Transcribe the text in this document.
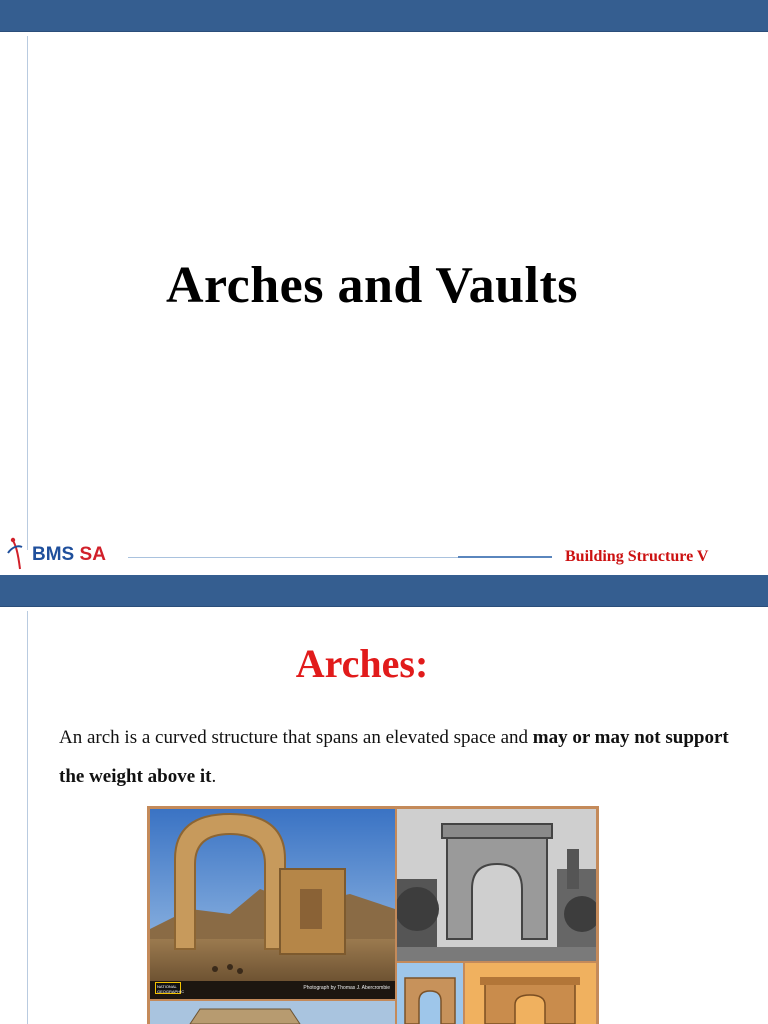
Arches and Vaults
BMS SA	Building Structure V
Arches:
An arch is a curved structure that spans an elevated space and may or may not support the weight above it.
NATIONAL GEOGRAPHIC
Photograph by Thomas J. Abercrombie
